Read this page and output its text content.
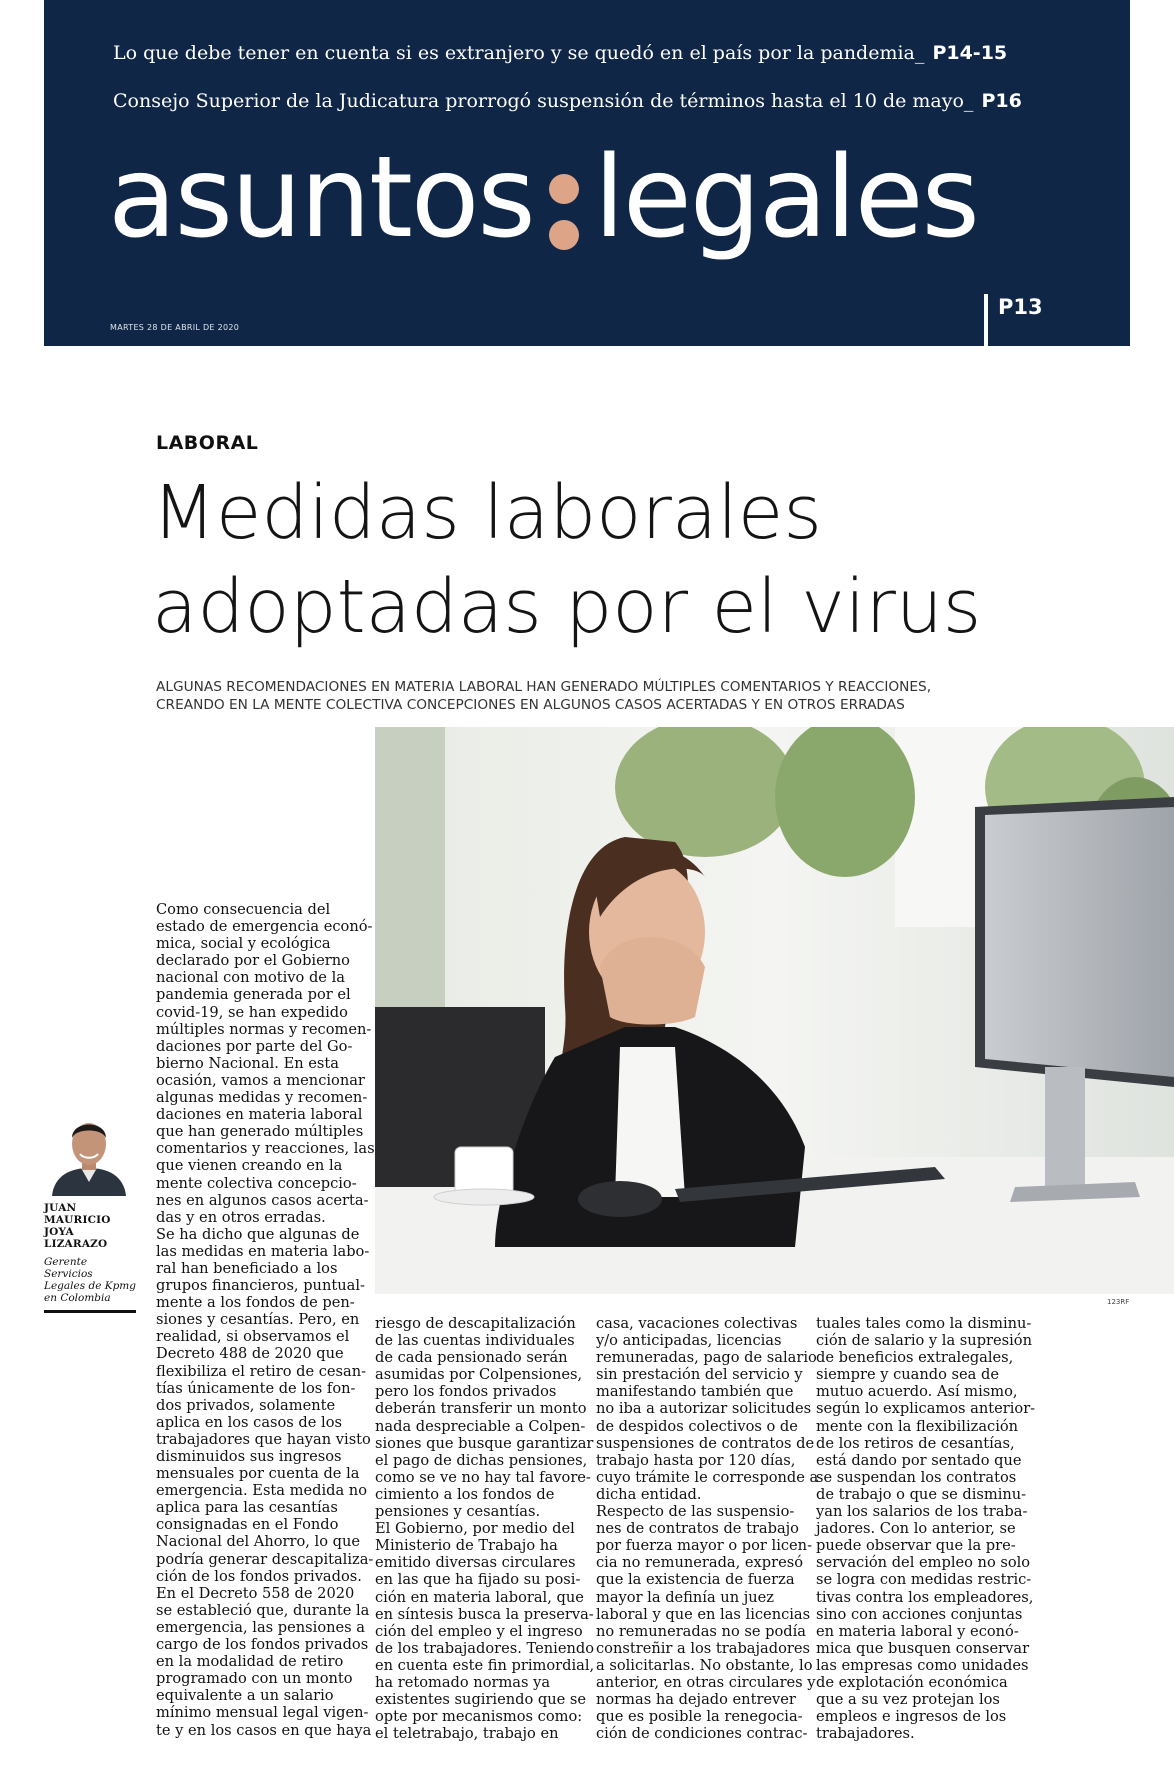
Lo que debe tener en cuenta si es extranjero y se quedó en el país por la pandemia_ P14-15
Consejo Superior de la Judicatura prorrogó suspensión de términos hasta el 10 de mayo_ P16
asuntos legales
MARTES 28 DE ABRIL DE 2020
P13
LABORAL
Medidas laborales
adoptadas por el virus
ALGUNAS RECOMENDACIONES EN MATERIA LABORAL HAN GENERADO MÚLTIPLES COMENTARIOS Y REACCIONES,
CREANDO EN LA MENTE COLECTIVA CONCEPCIONES EN ALGUNOS CASOS ACERTADAS Y EN OTROS ERRADAS
123RF
JUAN
MAURICIO
JOYA LIZARAZO
Gerente Servicios
Legales de Kpmg
en Colombia

Como consecuencia del

estado de emergencia econó-

mica, social y ecológica

declarado por el Gobierno

nacional con motivo de la

pandemia generada por el

covid-19, se han expedido

múltiples normas y recomen-

daciones por parte del Go-

bierno Nacional. En esta

ocasión, vamos a mencionar

algunas medidas y recomen-

daciones en materia laboral

que han generado múltiples

comentarios y reacciones, las

que vienen creando en la

mente colectiva concepcio-

nes en algunos casos acerta-

das y en otros erradas.

Se ha dicho que algunas de

las medidas en materia labo-

ral han beneficiado a los

grupos financieros, puntual-

mente a los fondos de pen-

siones y cesantías. Pero, en

realidad, si observamos el

Decreto 488 de 2020 que

flexibiliza el retiro de cesan-

tías únicamente de los fon-

dos privados, solamente

aplica en los casos de los

trabajadores que hayan visto

disminuidos sus ingresos

mensuales por cuenta de la

emergencia. Esta medida no

aplica para las cesantías

consignadas en el Fondo

Nacional del Ahorro, lo que

podría generar descapitaliza-

ción de los fondos privados.

En el Decreto 558 de 2020

se estableció que, durante la

emergencia, las pensiones a

cargo de los fondos privados

en la modalidad de retiro

programado con un monto

equivalente a un salario

mínimo mensual legal vigen-

te y en los casos en que haya

riesgo de descapitalización

de las cuentas individuales

de cada pensionado serán

asumidas por Colpensiones,

pero los fondos privados

deberán transferir un monto

nada despreciable a Colpen-

siones que busque garantizar

el pago de dichas pensiones,

como se ve no hay tal favore-

cimiento a los fondos de

pensiones y cesantías.

El Gobierno, por medio del

Ministerio de Trabajo ha

emitido diversas circulares

en las que ha fijado su posi-

ción en materia laboral, que

en síntesis busca la preserva-

ción del empleo y el ingreso

de los trabajadores. Teniendo

en cuenta este fin primordial,

ha retomado normas ya

existentes sugiriendo que se

opte por mecanismos como:

el teletrabajo, trabajo en

casa, vacaciones colectivas

y/o anticipadas, licencias

remuneradas, pago de salario

sin prestación del servicio y

manifestando también que

no iba a autorizar solicitudes

de despidos colectivos o de

suspensiones de contratos de

trabajo hasta por 120 días,

cuyo trámite le corresponde a

dicha entidad.

Respecto de las suspensio-

nes de contratos de trabajo

por fuerza mayor o por licen-

cia no remunerada, expresó

que la existencia de fuerza

mayor la definía un juez

laboral y que en las licencias

no remuneradas no se podía

constreñir a los trabajadores

a solicitarlas. No obstante, lo

anterior, en otras circulares y

normas ha dejado entrever

que es posible la renegocia-

ción de condiciones contrac-

tuales tales como la disminu-

ción de salario y la supresión

de beneficios extralegales,

siempre y cuando sea de

mutuo acuerdo. Así mismo,

según lo explicamos anterior-

mente con la flexibilización

de los retiros de cesantías,

está dando por sentado que

se suspendan los contratos

de trabajo o que se disminu-

yan los salarios de los traba-

jadores. Con lo anterior, se

puede observar que la pre-

servación del empleo no solo

se logra con medidas restric-

tivas contra los empleadores,

sino con acciones conjuntas

en materia laboral y econó-

mica que busquen conservar

las empresas como unidades

de explotación económica

que a su vez protejan los

empleos e ingresos de los

trabajadores.
